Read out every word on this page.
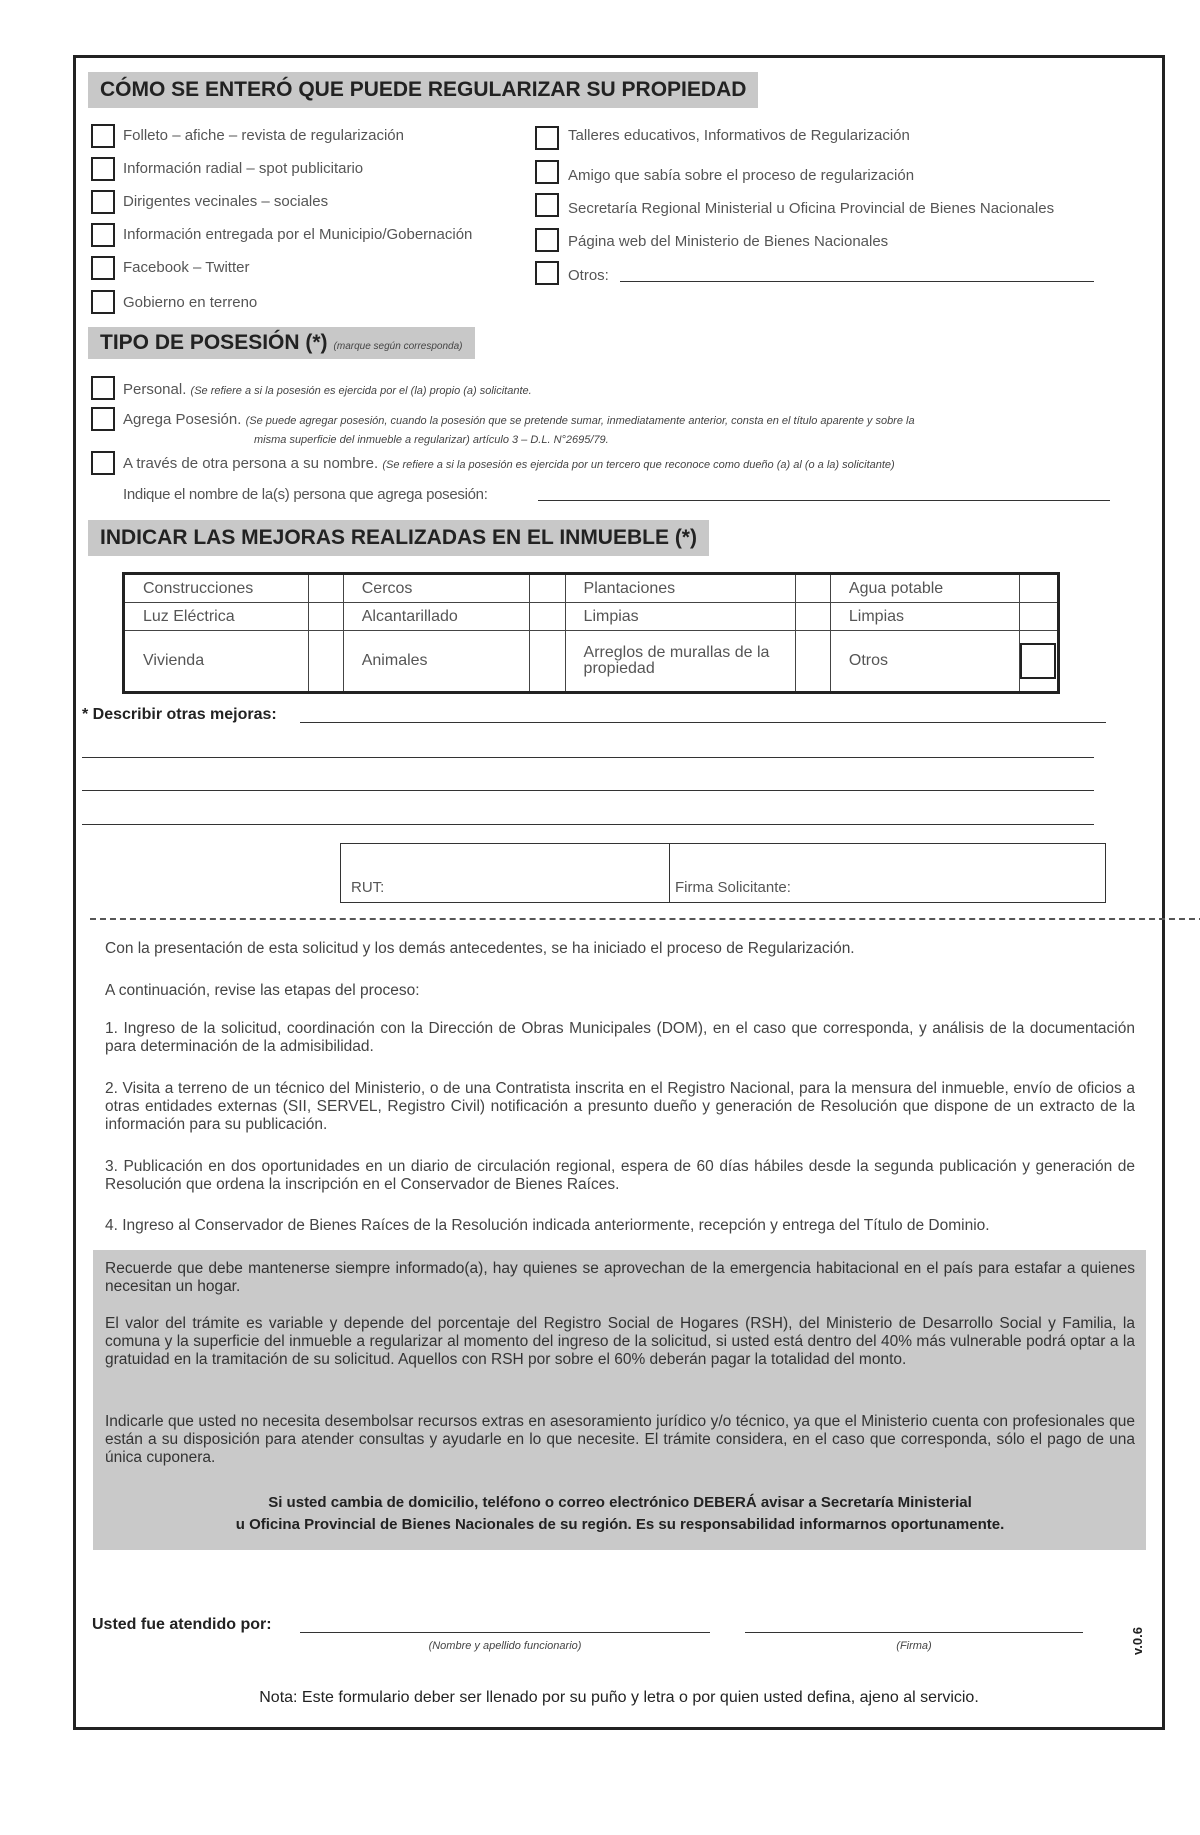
CÓMO SE ENTERÓ QUE PUEDE REGULARIZAR SU PROPIEDAD
Folleto – afiche – revista de regularización
Información radial – spot publicitario
Dirigentes vecinales – sociales
Información entregada por el Municipio/Gobernación
Facebook – Twitter
Gobierno en terreno
Talleres educativos, Informativos de Regularización
Amigo que sabía sobre el proceso de regularización
Secretaría Regional Ministerial u Oficina Provincial de Bienes Nacionales
Página web del Ministerio de Bienes Nacionales
Otros:
TIPO DE POSESIÓN (*) (marque según corresponda)
Personal. (Se refiere a si la posesión es ejercida por el (la) propio (a) solicitante.
Agrega Posesión. (Se puede agregar posesión, cuando la posesión que se pretende sumar, inmediatamente anterior, consta en el título aparente y sobre la
misma superficie del inmueble a regularizar) artículo 3 – D.L. N°2695/79.
A través de otra persona a su nombre. (Se refiere a si la posesión es ejercida por un tercero que reconoce como dueño (a) al (o a la) solicitante)
Indique el nombre de la(s) persona que agrega posesión:
INDICAR LAS MEJORAS REALIZADAS EN EL INMUEBLE (*)
Construcciones		Cercos		Plantaciones		Agua potable	
Luz Eléctrica		Alcantarillado		Limpias		Limpias	
Vivienda		Animales		Arreglos de murallas de la propiedad		Otros	
* Describir otras mejoras:
RUT:	Firma Solicitante:
Con la presentación de esta solicitud y los demás antecedentes, se ha iniciado el proceso de Regularización.
A continuación, revise las etapas del proceso:
1. Ingreso de la solicitud, coordinación con la Dirección de Obras Municipales (DOM), en el caso que corresponda, y análisis de la documentación para determinación de la admisibilidad.
2. Visita a terreno de un técnico del Ministerio, o de una Contratista inscrita en el Registro Nacional, para la mensura del inmueble, envío de oficios a otras entidades externas (SII, SERVEL, Registro Civil) notificación a presunto dueño y generación de Resolución que dispone de un extracto de la información para su publicación.
3. Publicación en dos oportunidades en un diario de circulación regional, espera de 60 días hábiles desde la segunda publicación y generación de Resolución que ordena la inscripción en el Conservador de Bienes Raíces.
4. Ingreso al Conservador de Bienes Raíces de la Resolución indicada anteriormente, recepción y entrega del Título de Dominio.
Recuerde que debe mantenerse siempre informado(a), hay quienes se aprovechan de la emergencia habitacional en el país para estafar a quienes necesitan un hogar.
El valor del trámite es variable y depende del porcentaje del Registro Social de Hogares (RSH), del Ministerio de Desarrollo Social y Familia, la comuna y la superficie del inmueble a regularizar al momento del ingreso de la solicitud, si usted está dentro del 40% más vulnerable podrá optar a la gratuidad en la tramitación de su solicitud. Aquellos con RSH por sobre el 60% deberán pagar la totalidad del monto.
Indicarle que usted no necesita desembolsar recursos extras en asesoramiento jurídico y/o técnico, ya que el Ministerio cuenta con profesionales que están a su disposición para atender consultas y ayudarle en lo que necesite. El trámite considera, en el caso que corresponda, sólo el pago de una única cuponera.
Si usted cambia de domicilio, teléfono o correo electrónico DEBERÁ avisar a Secretaría Ministerial
u Oficina Provincial de Bienes Nacionales de su región. Es su responsabilidad informarnos oportunamente.
Usted fue atendido por:
(Nombre y apellido funcionario)	(Firma)	v.0.6
Nota: Este formulario deber ser llenado por su puño y letra o por quien usted defina, ajeno al servicio.
